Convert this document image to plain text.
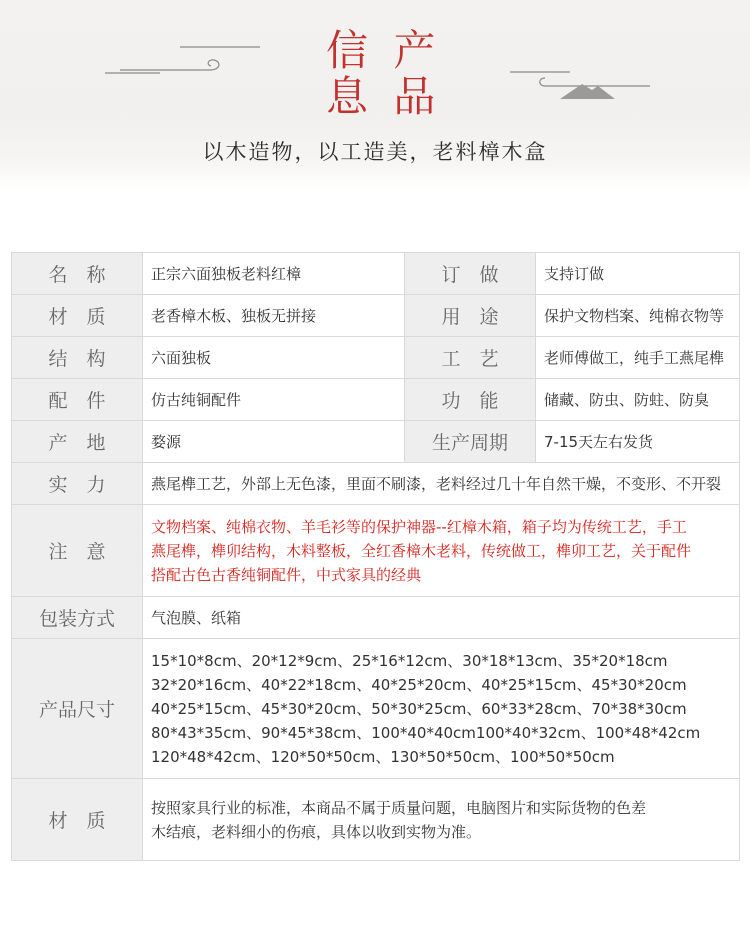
信 产
息 品
以木造物，以工造美，老料樟木盒
名　称	正宗六面独板老料红樟	订　做	支持订做
材　质	老香樟木板、独板无拼接	用　途	保护文物档案、纯棉衣物等
结　构	六面独板	工　艺	老师傅做工，纯手工燕尾榫
配　件	仿古纯铜配件	功　能	储藏、防虫、防蛀、防臭
产　地	婺源	生产周期	7-15天左右发货
实　力	燕尾榫工艺，外部上无色漆，里面不刷漆，老料经过几十年自然干燥，不变形、不开裂		
注　意	文物档案、纯棉衣物、羊毛衫等的保护神器--红樟木箱，箱子均为传统工艺，手工
燕尾榫，榫卯结构，木料整板，全红香樟木老料，传统做工，榫卯工艺，关于配件
搭配古色古香纯铜配件，中式家具的经典		

包装方式	气泡膜、纸箱		
产品尺寸	15*10*8cm、20*12*9cm、25*16*12cm、30*18*13cm、35*20*18cm
32*20*16cm、40*22*18cm、40*25*20cm、40*25*15cm、45*30*20cm
40*25*15cm、45*30*20cm、50*30*25cm、60*33*28cm、70*38*30cm
80*43*35cm、90*45*38cm、100*40*40cm100*40*32cm、100*48*42cm
120*48*42cm、120*50*50cm、130*50*50cm、100*50*50cm		

材　质	按照家具行业的标准，本商品不属于质量问题，电脑图片和实际货物的色差
木结痕，老料细小的伤痕，具体以收到实物为准。		
